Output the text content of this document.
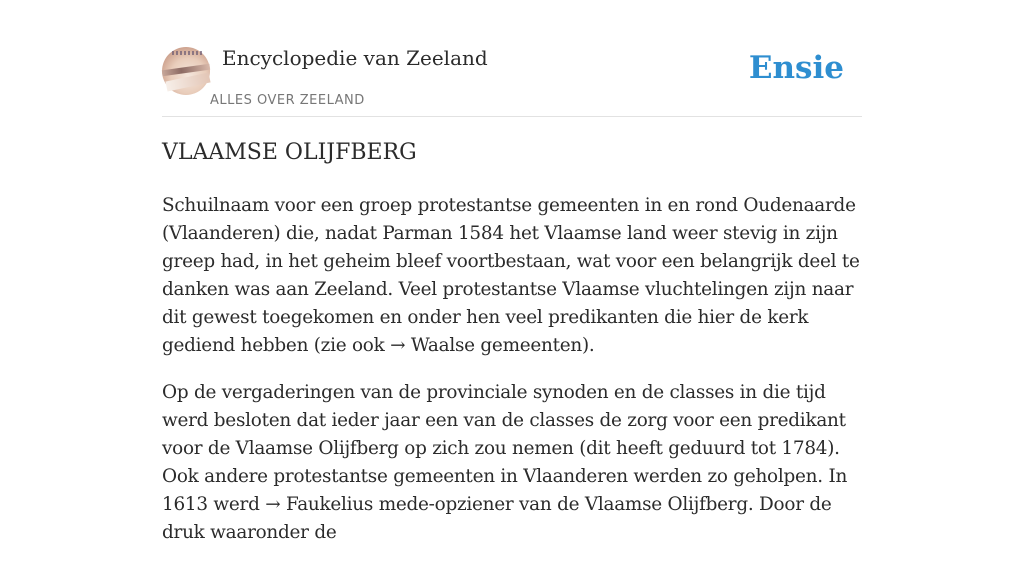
Encyclopedie van Zeeland
ALLES OVER ZEELAND
Ensie
VLAAMSE OLIJFBERG

Schuilnaam voor een groep protestantse gemeenten in en rond Oudenaarde (Vlaanderen) die, nadat Parman 1584 het Vlaamse land weer stevig in zijn greep had, in het geheim bleef voortbestaan, wat voor een belangrijk deel te danken was aan Zeeland. Veel protestantse Vlaamse vluchtelingen zijn naar dit gewest toegekomen en onder hen veel predikanten die hier de kerk gediend hebben (zie ook → Waalse gemeenten).

Op de vergaderingen van de provinciale synoden en de classes in die tijd werd besloten dat ieder jaar een van de classes de zorg voor een predikant voor de Vlaamse Olijfberg op zich zou nemen (dit heeft geduurd tot 1784). Ook andere protestantse gemeenten in Vlaanderen werden zo geholpen. In 1613 werd → Faukelius mede-opziener van de Vlaamse Olijfberg. Door de druk waaronder de
